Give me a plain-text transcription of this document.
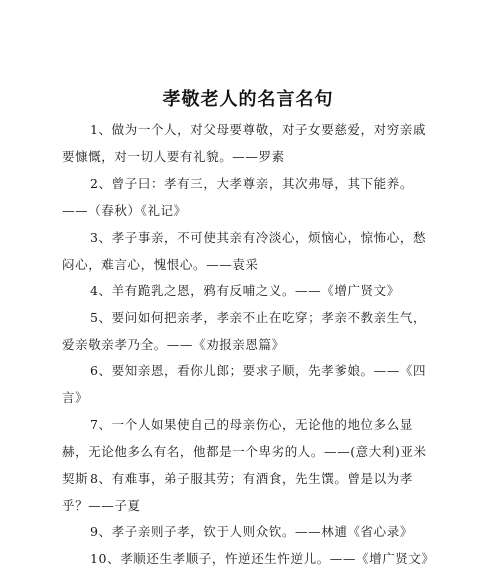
孝敬老人的名言名句
1、做为一个人，对父母要尊敬，对子女要慈爱，对穷亲戚要慷慨，对一切人要有礼貌。——罗素
2、曾子曰：孝有三，大孝尊亲，其次弗辱，其下能养。——（春秋）《礼记》
3、孝子事亲，不可使其亲有冷淡心，烦恼心，惊怖心，愁闷心，难言心，愧恨心。——袁采
4、羊有跪乳之恩，鸦有反哺之义。——《增广贤文》
5、要问如何把亲孝，孝亲不止在吃穿；孝亲不教亲生气，爱亲敬亲孝乃全。——《劝报亲恩篇》
6、要知亲恩，看你儿郎；要求子顺，先孝爹娘。——《四言》
7、一个人如果使自己的母亲伤心，无论他的地位多么显赫，无论他多么有名，他都是一个卑劣的人。——(意大利)亚米契斯 8、有难事，弟子服其劳；有酒食，先生馔。曾是以为孝乎？——子夏
9、孝子亲则子孝，钦于人则众钦。——林逋《省心录》
10、孝顺还生孝顺子，忤逆还生忤逆儿。——《增广贤文》
